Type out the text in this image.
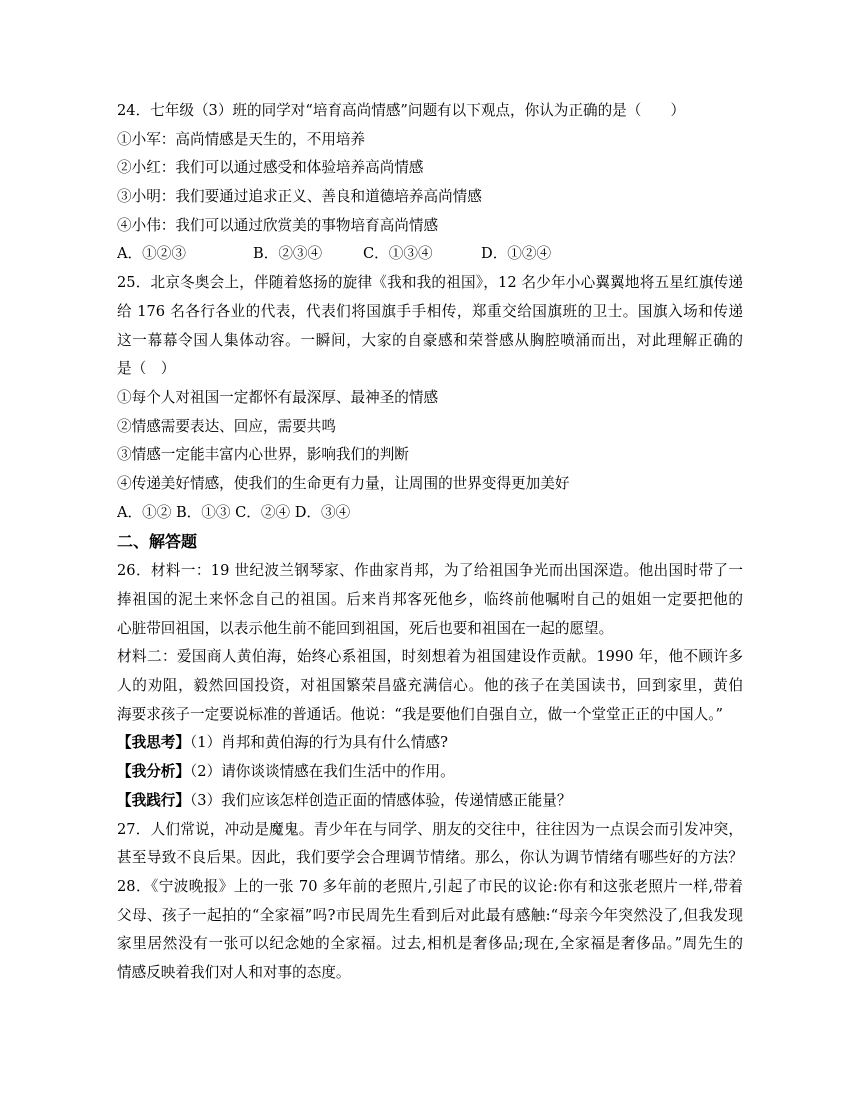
24．七年级（3）班的同学对“培育高尚情感”问题有以下观点，你认为正确的是（　　）
①小军：高尚情感是天生的，不用培养
②小红：我们可以通过感受和体验培养高尚情感
③小明：我们要通过追求正义、善良和道德培养高尚情感
④小伟：我们可以通过欣赏美的事物培育高尚情感
A．①②③	B．②③④	C．①③④	D．①②④
25．北京冬奥会上，伴随着悠扬的旋律《我和我的祖国》，12 名少年小心翼翼地将五星红旗传递
给 176 名各行各业的代表，代表们将国旗手手相传，郑重交给国旗班的卫士。国旗入场和传递
这一幕幕令国人集体动容。一瞬间，大家的自豪感和荣誉感从胸腔喷涌而出，对此理解正确的
是（　）
①每个人对祖国一定都怀有最深厚、最神圣的情感
②情感需要表达、回应，需要共鸣
③情感一定能丰富内心世界，影响我们的判断
④传递美好情感，使我们的生命更有力量，让周围的世界变得更加美好
A．①② B．①③ C．②④ D．③④
二、解答题
26．材料一：19 世纪波兰钢琴家、作曲家肖邦，为了给祖国争光而出国深造。他出国时带了一
捧祖国的泥土来怀念自己的祖国。后来肖邦客死他乡，临终前他嘱咐自己的姐姐一定要把他的
心脏带回祖国，以表示他生前不能回到祖国，死后也要和祖国在一起的愿望。
材料二：爱国商人黄伯海，始终心系祖国，时刻想着为祖国建设作贡献。1990 年，他不顾许多
人的劝阻，毅然回国投资，对祖国繁荣昌盛充满信心。他的孩子在美国读书，回到家里，黄伯
海要求孩子一定要说标准的普通话。他说：“我是要他们自强自立，做一个堂堂正正的中国人。”
【我思考】（1）肖邦和黄伯海的行为具有什么情感?
【我分析】（2）请你谈谈情感在我们生活中的作用。
【我践行】（3）我们应该怎样创造正面的情感体验，传递情感正能量？
27．人们常说，冲动是魔鬼。青少年在与同学、朋友的交往中，往往因为一点误会而引发冲突，
甚至导致不良后果。因此，我们要学会合理调节情绪。那么，你认为调节情绪有哪些好的方法？
28．《宁波晚报》上的一张 70 多年前的老照片,引起了市民的议论:你有和这张老照片一样,带着
父母、孩子一起拍的“全家福”吗?市民周先生看到后对此最有感触:“母亲今年突然没了,但我发现
家里居然没有一张可以纪念她的全家福。过去,相机是奢侈品;现在,全家福是奢侈品。”周先生的
情感反映着我们对人和对事的态度。
